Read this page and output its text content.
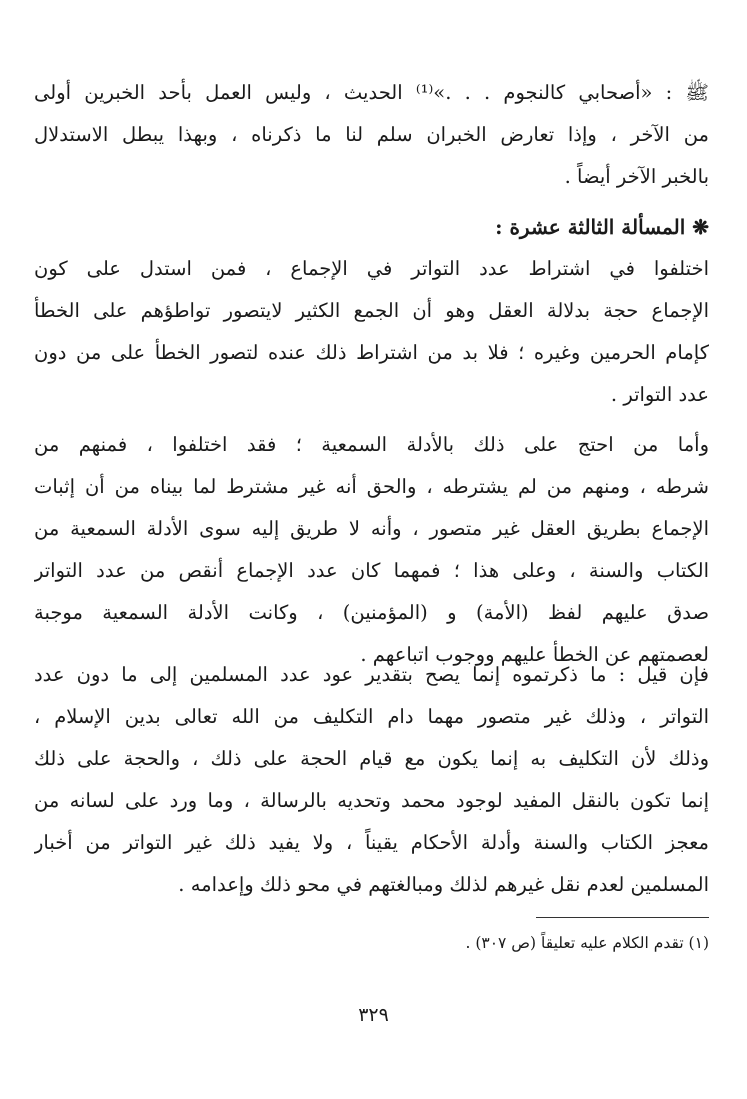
ﷺ : «أصحابي كالنجوم . . .»⁽¹⁾ الحديث ، وليس العمل بأحد الخبرين أولى
من الآخر ، وإذا تعارض الخبران سلم لنا ما ذكرناه ، وبهذا يبطل الاستدلال
بالخبر الآخر أيضاً .
❋ المسألة الثالثة عشرة :
اختلفوا في اشتراط عدد التواتر في الإجماع ، فمن استدل على كون
الإجماع حجة بدلالة العقل وهو أن الجمع الكثير لايتصور تواطؤهم على الخطأ
كإمام الحرمين وغيره ؛ فلا بد من اشتراط ذلك عنده لتصور الخطأ على من دون
عدد التواتر .
وأما من احتج على ذلك بالأدلة السمعية ؛ فقد اختلفوا ، فمنهم من
شرطه ، ومنهم من لم يشترطه ، والحق أنه غير مشترط لما بيناه من أن إثبات
الإجماع بطريق العقل غير متصور ، وأنه لا طريق إليه سوى الأدلة السمعية من
الكتاب والسنة ، وعلى هذا ؛ فمهما كان عدد الإجماع أنقص من عدد التواتر
صدق عليهم لفظ (الأمة) و (المؤمنين) ، وكانت الأدلة السمعية موجبة
لعصمتهم عن الخطأ عليهم ووجوب اتباعهم .
فإن قيل : ما ذكرتموه إنما يصح بتقدير عود عدد المسلمين إلى ما دون عدد
التواتر ، وذلك غير متصور مهما دام التكليف من الله تعالى بدين الإسلام ،
وذلك لأن التكليف به إنما يكون مع قيام الحجة على ذلك ، والحجة على ذلك
إنما تكون بالنقل المفيد لوجود محمد وتحديه بالرسالة ، وما ورد على لسانه من
معجز الكتاب والسنة وأدلة الأحكام يقيناً ، ولا يفيد ذلك غير التواتر من أخبار
المسلمين لعدم نقل غيرهم لذلك ومبالغتهم في محو ذلك وإعدامه .
(١) تقدم الكلام عليه تعليقاً (ص ٣٠٧) .
٣٢٩
